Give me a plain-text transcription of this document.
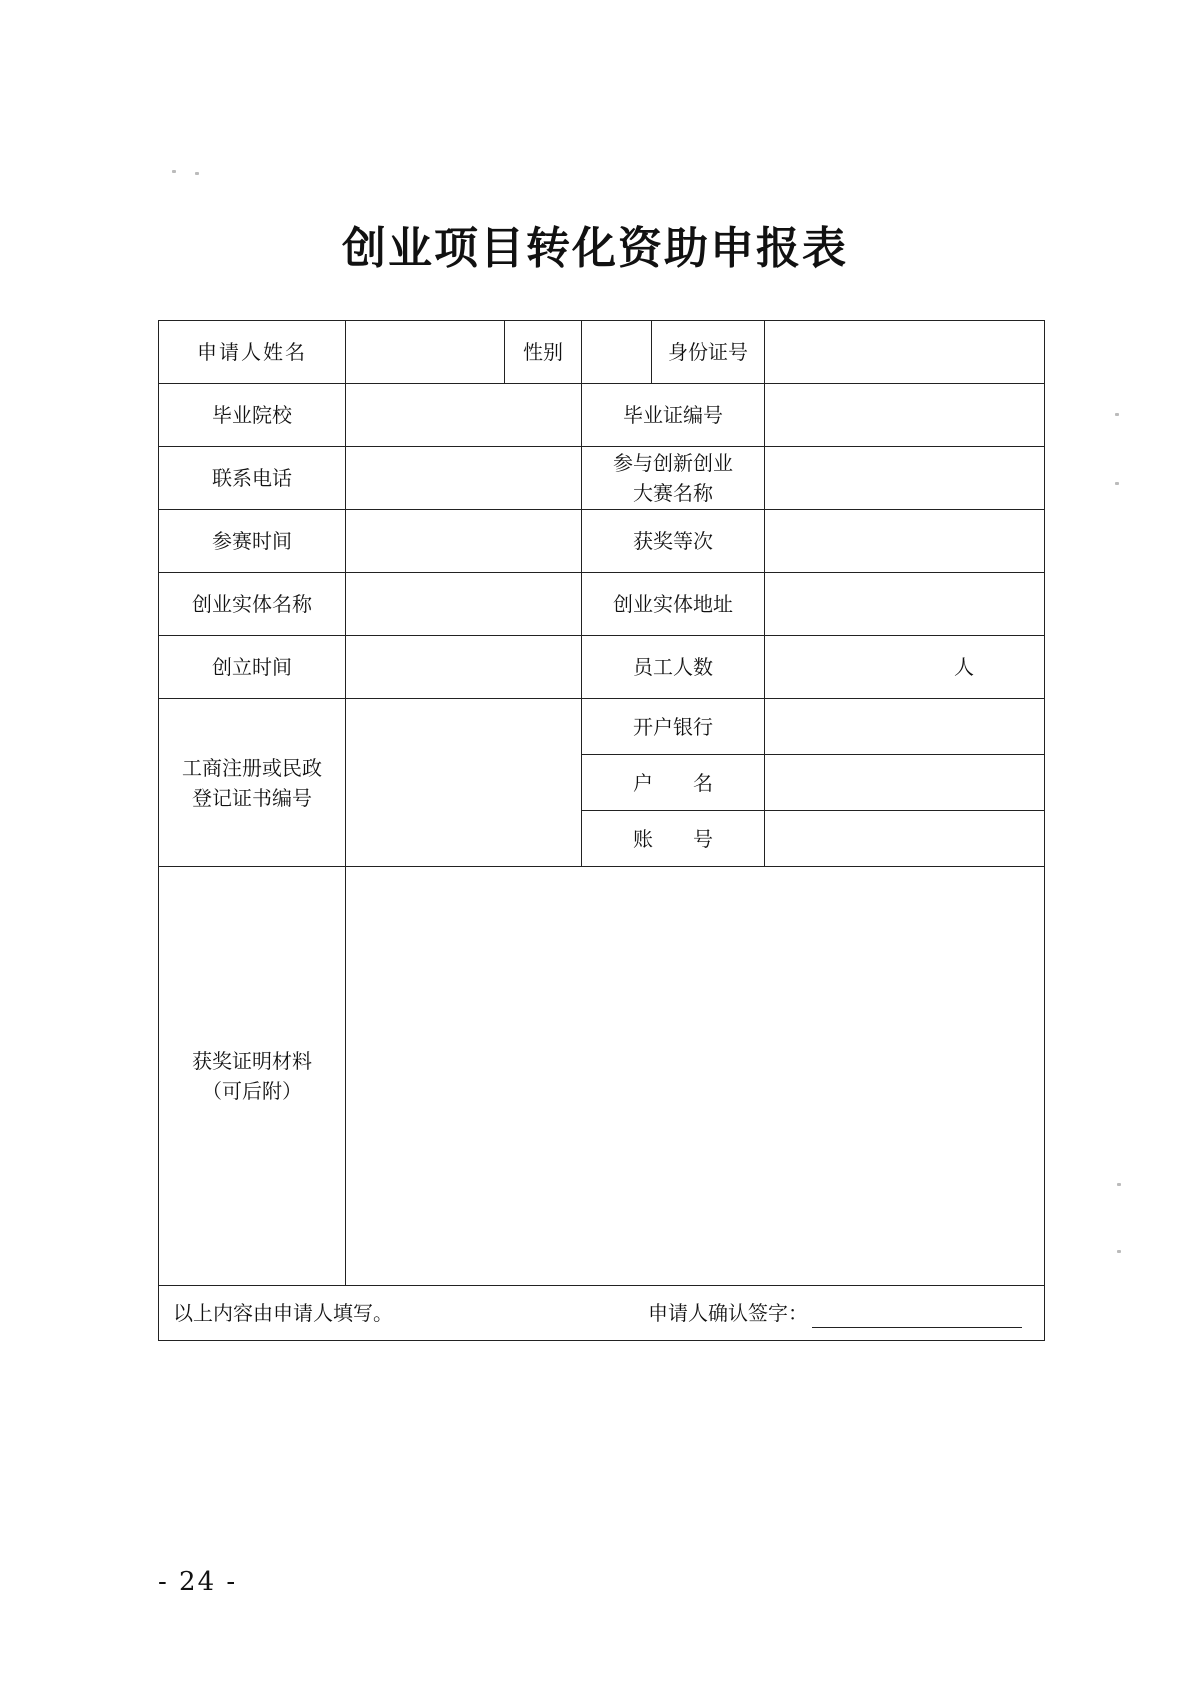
创业项目转化资助申报表
申请人姓名		性别		身份证号	
毕业院校			毕业证编号		
联系电话			参与创新创业
大赛名称		

参赛时间			获奖等次		
创业实体名称			创业实体地址		
创立时间			员工人数		人

工商注册或民政
登记证书编号			开户银行		
			户 名		
			账 号		

获奖证明材料
（可后附）					

以上内容由申请人填写。 申请人确认签字：					
- 24 -
